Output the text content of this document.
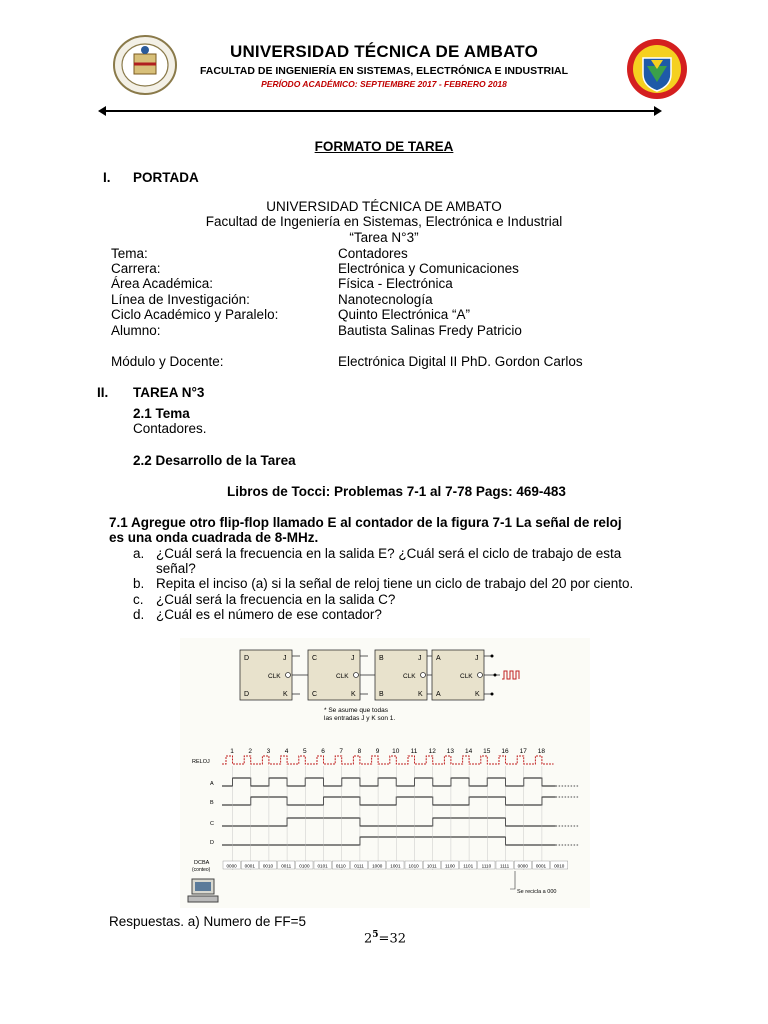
UNIVERSIDAD TÉCNICA DE AMBATO
FACULTAD DE INGENIERÍA EN SISTEMAS, ELECTRÓNICA E INDUSTRIAL
PERÍODO ACADÉMICO: SEPTIEMBRE 2017 - FEBRERO 2018
FORMATO DE TAREA
I. PORTADA
UNIVERSIDAD TÉCNICA DE AMBATO
Facultad de Ingeniería en Sistemas, Electrónica e Industrial
“Tarea N°3”
Tema:	Contadores
Carrera:	Electrónica y Comunicaciones
Área Académica:	Física - Electrónica
Línea de Investigación:	Nanotecnología
Ciclo Académico y Paralelo:	Quinto Electrónica “A”
Alumno:	Bautista Salinas Fredy Patricio
Módulo y Docente:	Electrónica Digital II PhD. Gordon Carlos
II. TAREA N°3
2.1 Tema
Contadores.
2.2 Desarrollo de la Tarea
Libros de Tocci: Problemas 7-1 al 7-78 Pags: 469-483
7.1 Agregue otro flip-flop llamado E al contador de la figura 7-1 La señal de reloj
es una onda cuadrada de 8-MHz.
a. ¿Cuál será la frecuencia en la salida E? ¿Cuál será el ciclo de trabajo de esta
señal?
b. Repita el inciso (a) si la señal de reloj tiene un ciclo de trabajo del 20 por ciento.
c. ¿Cuál será la frecuencia en la salida C?
d. ¿Cuál es el número de ese contador?
D
D
J
K
CLK
C
C
J
K
CLK
B
B
J
K
CLK
A
A
J
K
CLK
* Se asume que todas
las entradas J y K son 1.
1 2 3 4 5 6 7 8 9 10 11 12 13 14 15 16 17 18
RELOJ
A
B
C
D
DCBA
(conteo)
0000 0001 0010 0011 0100 0101 0110 0111 1000 1001 1010 1011 1100 1101 1110 1111 0000 0001 0010
Se recicla a 000
Respuestas. a) Numero de FF=5
$2^5=32$
